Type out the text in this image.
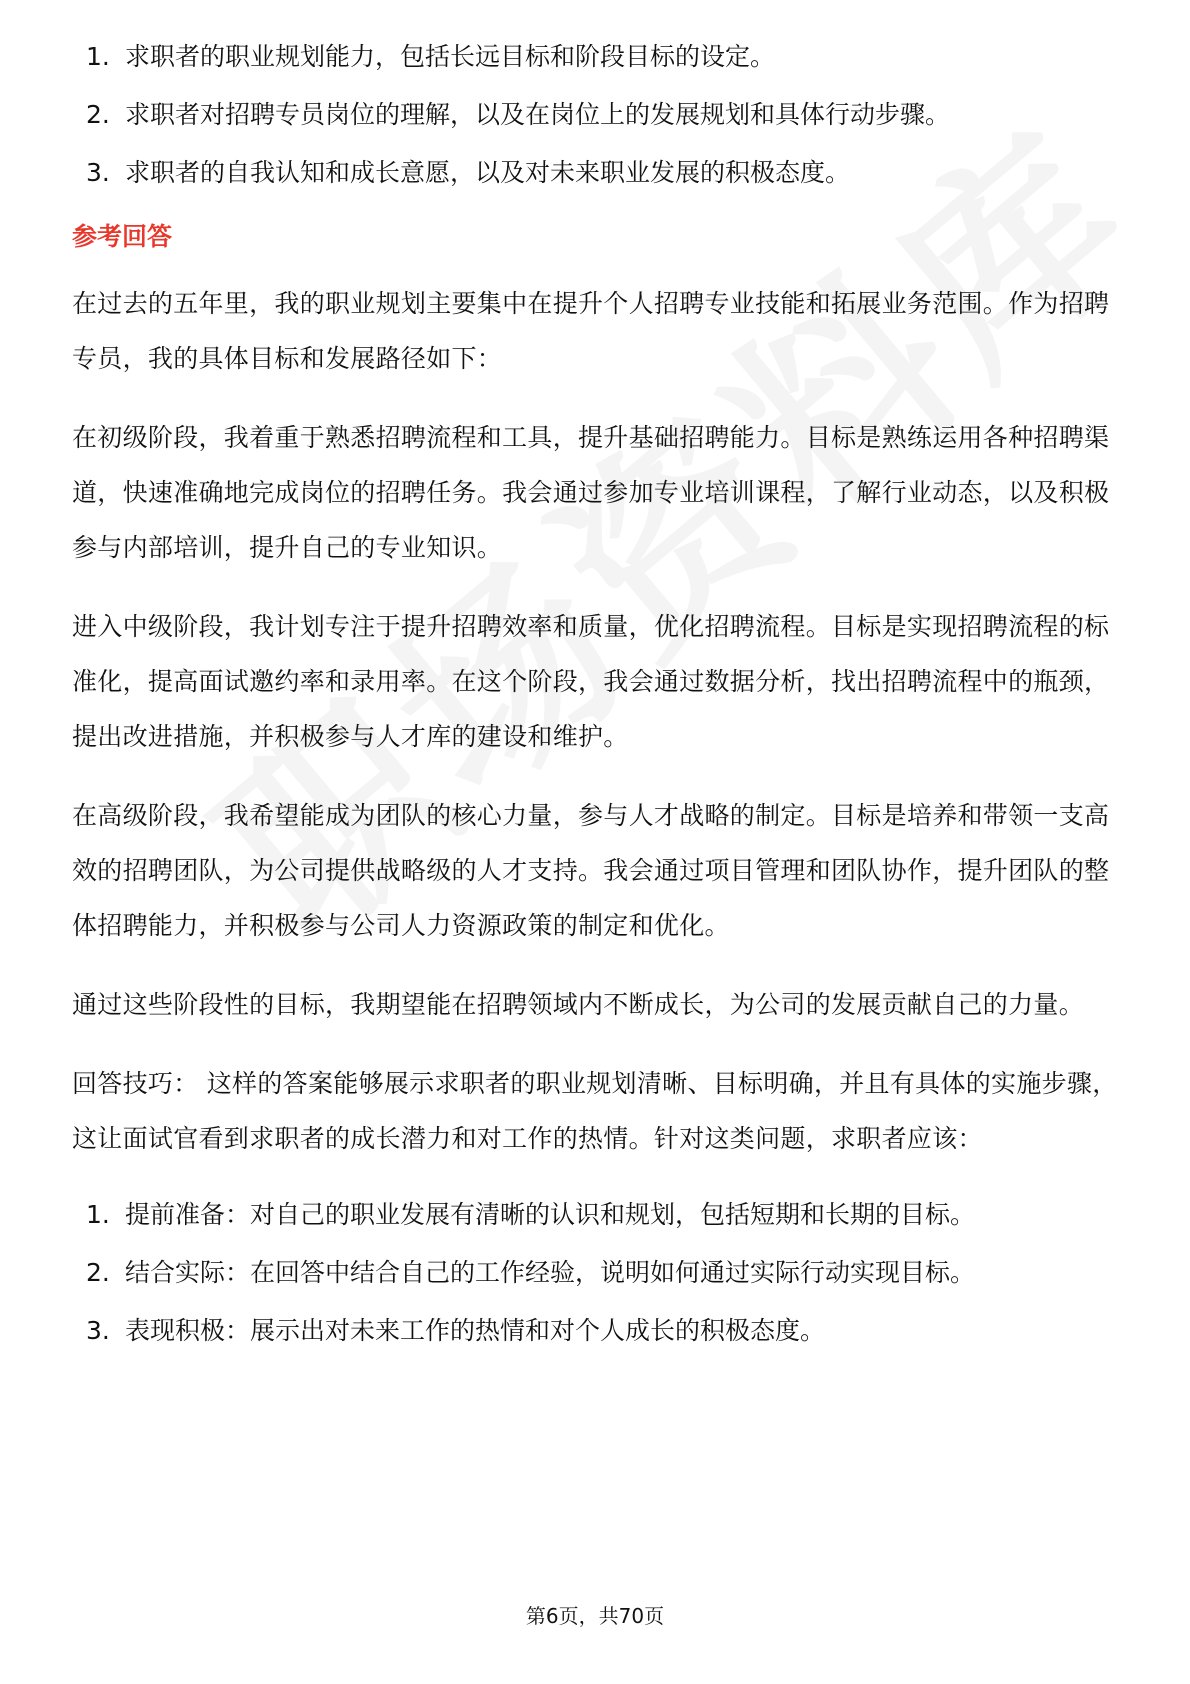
1. 求职者的职业规划能力，包括长远目标和阶段目标的设定。
2. 求职者对招聘专员岗位的理解，以及在岗位上的发展规划和具体行动步骤。
3. 求职者的自我认知和成长意愿，以及对未来职业发展的积极态度。
参考回答

在过去的五年里，我的职业规划主要集中在提升个人招聘专业技能和拓展业务范围。作为招聘专员，我的具体目标和发展路径如下：

在初级阶段，我着重于熟悉招聘流程和工具，提升基础招聘能力。目标是熟练运用各种招聘渠道，快速准确地完成岗位的招聘任务。我会通过参加专业培训课程，了解行业动态，以及积极参与内部培训，提升自己的专业知识。

进入中级阶段，我计划专注于提升招聘效率和质量，优化招聘流程。目标是实现招聘流程的标准化，提高面试邀约率和录用率。在这个阶段，我会通过数据分析，找出招聘流程中的瓶颈，提出改进措施，并积极参与人才库的建设和维护。

在高级阶段，我希望能成为团队的核心力量，参与人才战略的制定。目标是培养和带领一支高效的招聘团队，为公司提供战略级的人才支持。我会通过项目管理和团队协作，提升团队的整体招聘能力，并积极参与公司人力资源政策的制定和优化。

通过这些阶段性的目标，我期望能在招聘领域内不断成长，为公司的发展贡献自己的力量。

回答技巧： 这样的答案能够展示求职者的职业规划清晰、目标明确，并且有具体的实施步骤，这让面试官看到求职者的成长潜力和对工作的热情。针对这类问题，求职者应该：

1. 提前准备：对自己的职业发展有清晰的认识和规划，包括短期和长期的目标。
2. 结合实际：在回答中结合自己的工作经验，说明如何通过实际行动实现目标。
3. 表现积极：展示出对未来工作的热情和对个人成长的积极态度。
第6页，共70页
